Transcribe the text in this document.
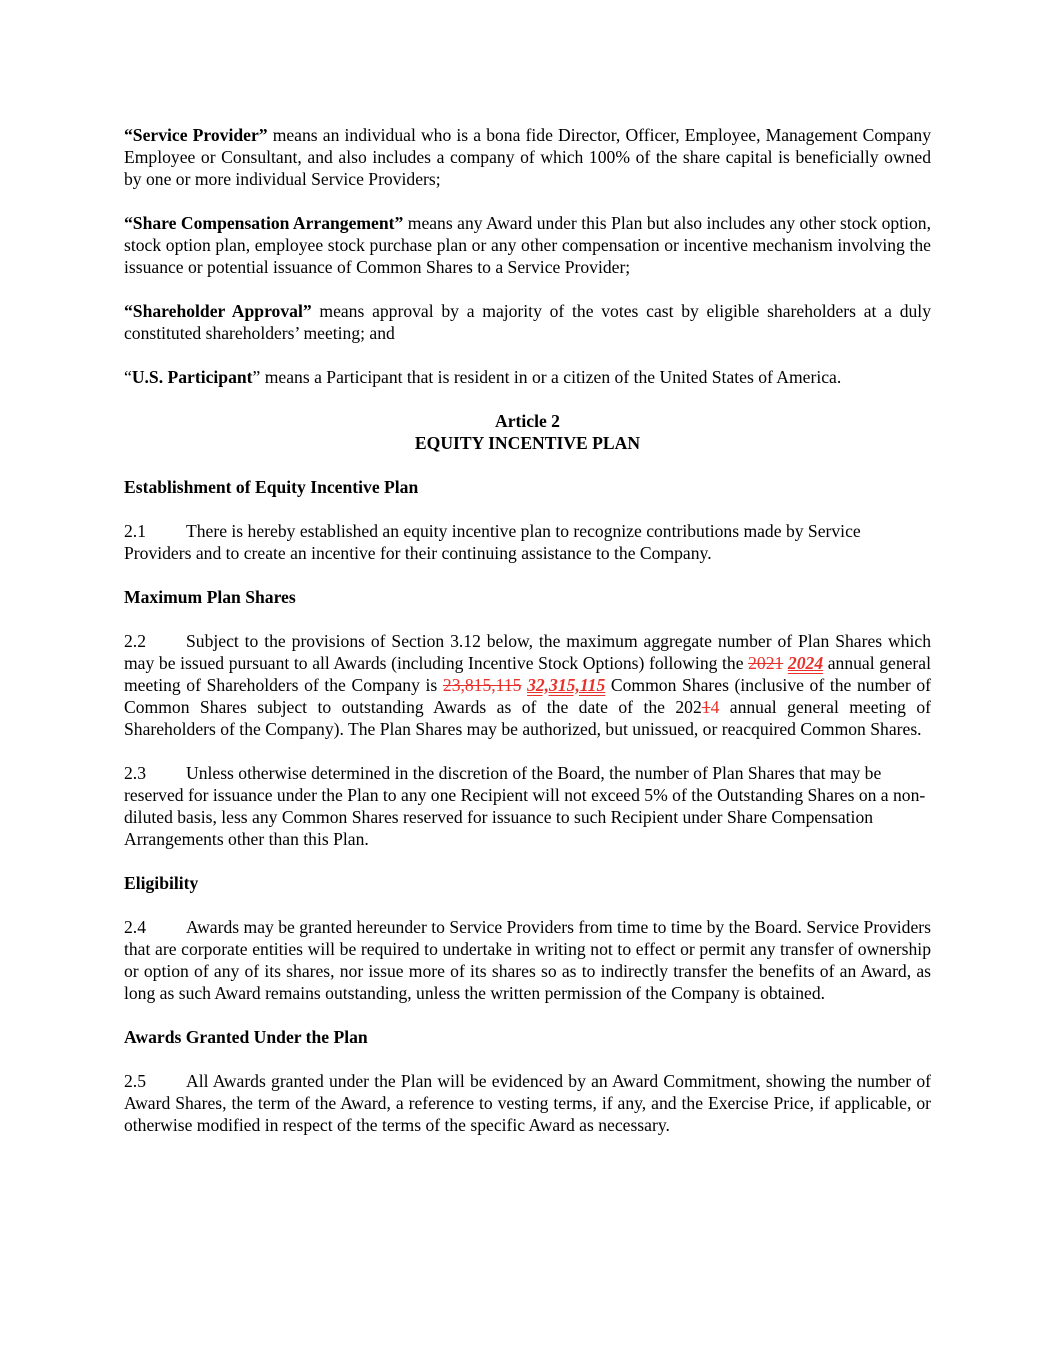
“Service Provider” means an individual who is a bona fide Director, Officer, Employee, Management Company Employee or Consultant, and also includes a company of which 100% of the share capital is beneficially owned by one or more individual Service Providers;

“Share Compensation Arrangement” means any Award under this Plan but also includes any other stock option, stock option plan, employee stock purchase plan or any other compensation or incentive mechanism involving the issuance or potential issuance of Common Shares to a Service Provider;

“Shareholder Approval” means approval by a majority of the votes cast by eligible shareholders at a duly constituted shareholders’ meeting; and

“U.S. Participant” means a Participant that is resident in or a citizen of the United States of America.

Article 2
EQUITY INCENTIVE PLAN

Establishment of Equity Incentive Plan

2.1 There is hereby established an equity incentive plan to recognize contributions made by Service Providers and to create an incentive for their continuing assistance to the Company.

Maximum Plan Shares

2.2 Subject to the provisions of Section 3.12 below, the maximum aggregate number of Plan Shares which may be issued pursuant to all Awards (including Incentive Stock Options) following the 2021 2024 annual general meeting of Shareholders of the Company is 23,815,115 32,315,115 Common Shares (inclusive of the number of Common Shares subject to outstanding Awards as of the date of the 20214 annual general meeting of Shareholders of the Company). The Plan Shares may be authorized, but unissued, or reacquired Common Shares.

2.3 Unless otherwise determined in the discretion of the Board, the number of Plan Shares that may be reserved for issuance under the Plan to any one Recipient will not exceed 5% of the Outstanding Shares on a non-diluted basis, less any Common Shares reserved for issuance to such Recipient under Share Compensation Arrangements other than this Plan.

Eligibility

2.4 Awards may be granted hereunder to Service Providers from time to time by the Board. Service Providers that are corporate entities will be required to undertake in writing not to effect or permit any transfer of ownership or option of any of its shares, nor issue more of its shares so as to indirectly transfer the benefits of an Award, as long as such Award remains outstanding, unless the written permission of the Company is obtained.

Awards Granted Under the Plan

2.5 All Awards granted under the Plan will be evidenced by an Award Commitment, showing the number of Award Shares, the term of the Award, a reference to vesting terms, if any, and the Exercise Price, if applicable, or otherwise modified in respect of the terms of the specific Award as necessary.
